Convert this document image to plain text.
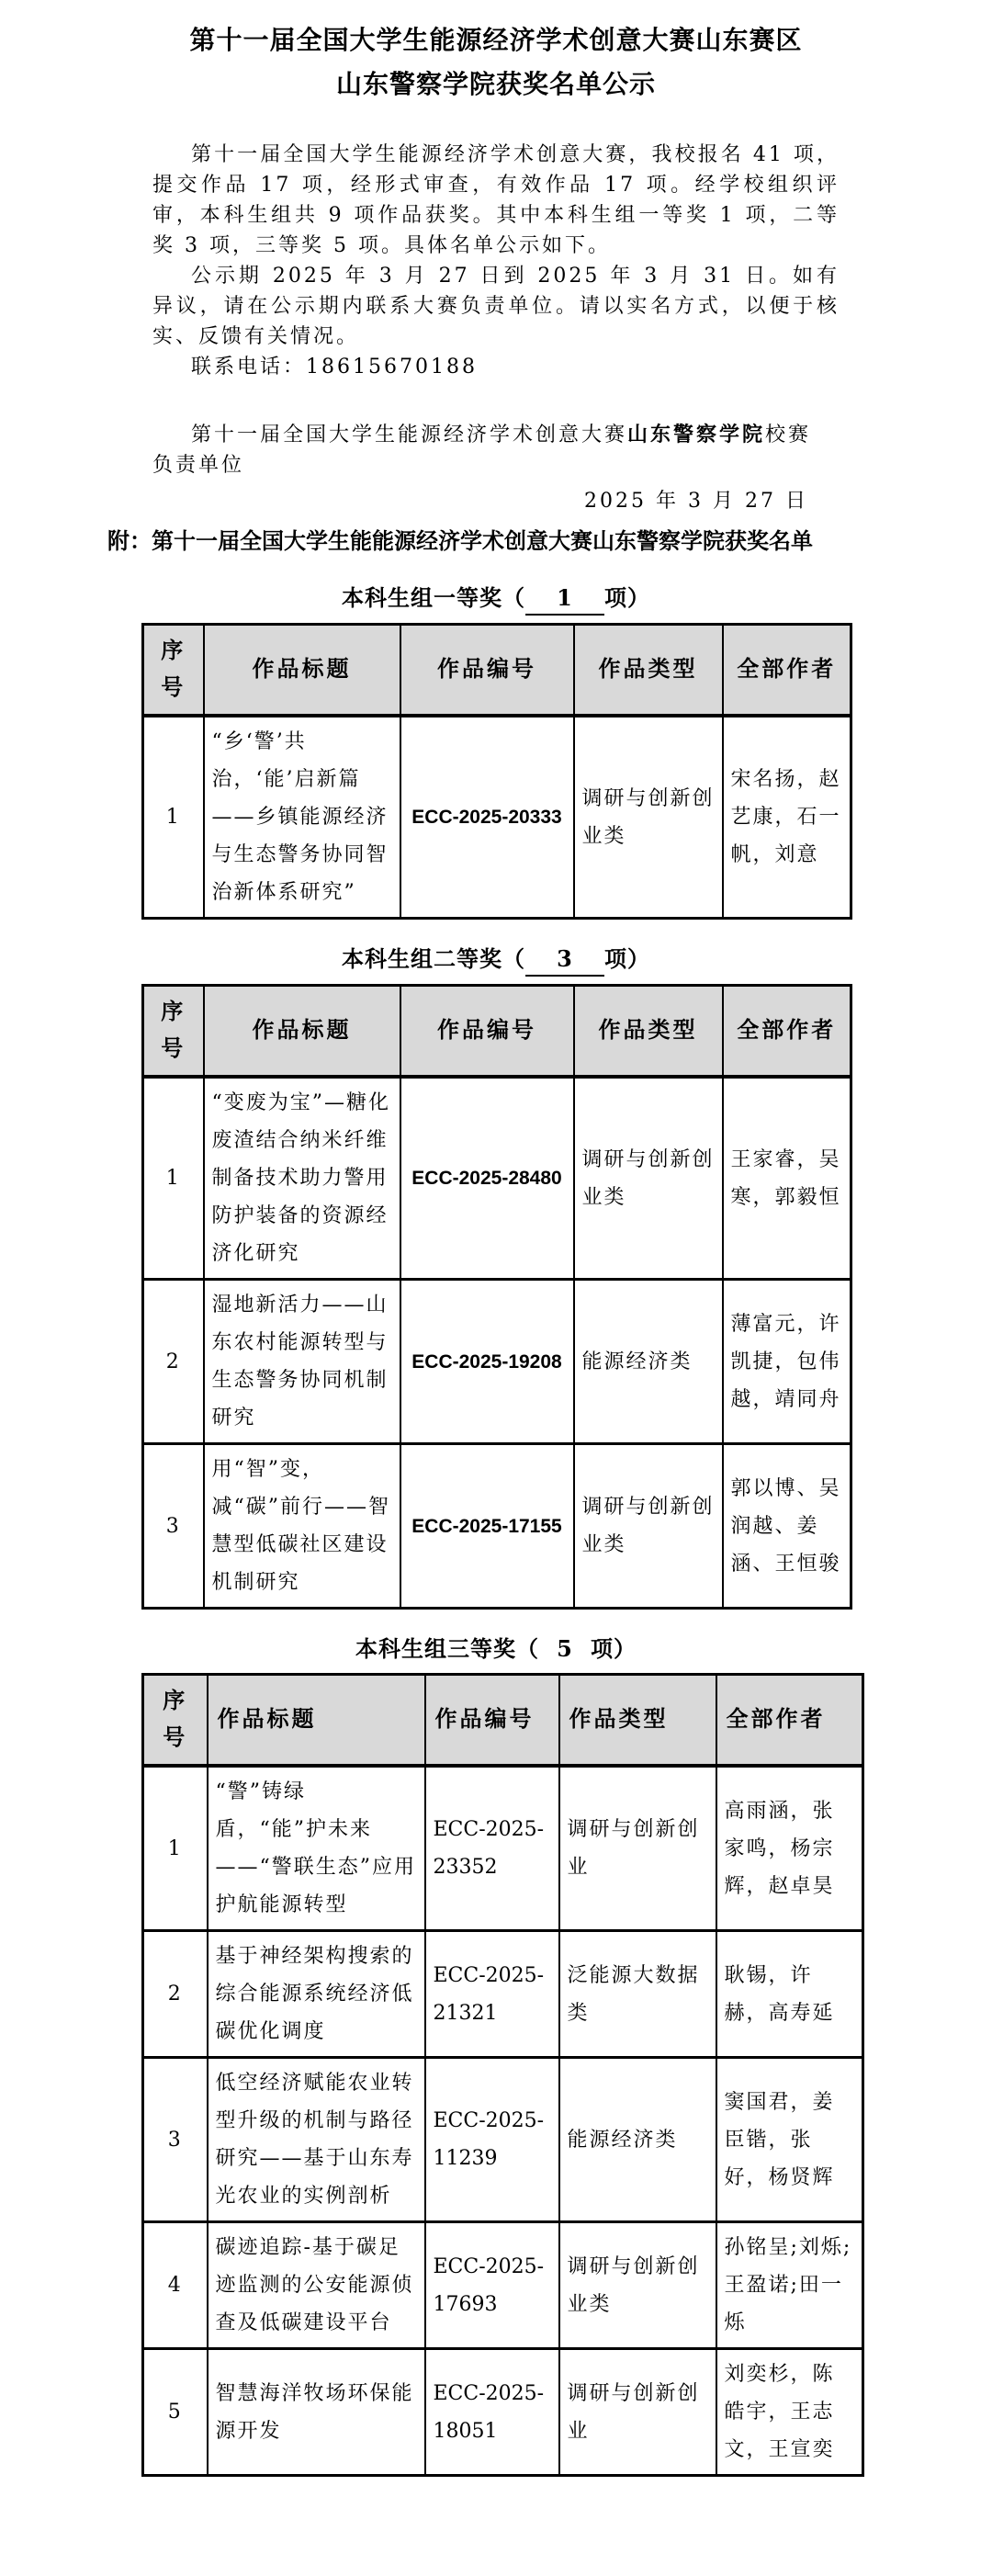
第十一届全国大学生能源经济学术创意大赛山东赛区
山东警察学院获奖名单公示

第十一届全国大学生能源经济学术创意大赛，我校报名 41 项，提交作品 17 项，经形式审查，有效作品 17 项。经学校组织评审，本科生组共 9 项作品获奖。其中本科生组一等奖 1 项，二等奖 3 项，三等奖 5 项。具体名单公示如下。

公示期 2025 年 3 月 27 日到 2025 年 3 月 31 日。如有异议，请在公示期内联系大赛负责单位。请以实名方式，以便于核实、反馈有关情况。

联系电话：18615670188

第十一届全国大学生能源经济学术创意大赛山东警察学院校赛
负责单位

2025 年 3 月 27 日

附：第十一届全国大学生能能源经济学术创意大赛山东警察学院获奖名单

本科生组一等奖（ 1 项）
序
号	作品标题	作品编号	作品类型	全部作者
1	“乡‘警’共治，‘能’启新篇——乡镇能源经济与生态警务协同智治新体系研究”	ECC-2025-20333	调研与创新创业类	宋名扬，赵艺康，石一帆，刘意
本科生组二等奖（ 3 项）
序
号	作品标题	作品编号	作品类型	全部作者
1	“变废为宝”—糖化废渣结合纳米纤维制备技术助力警用防护装备的资源经济化研究	ECC-2025-28480	调研与创新创业类	王家睿，吴寒，郭毅恒
2	湿地新活力——山东农村能源转型与生态警务协同机制研究	ECC-2025-19208	能源经济类	薄富元，许凯捷，包伟越，靖同舟
3	用“智”变，减“碳”前行——智慧型低碳社区建设机制研究	ECC-2025-17155	调研与创新创业类	郭以博、吴润越、姜涵、王恒骏
本科生组三等奖（ 5 项）
序
号	作品标题	作品编号	作品类型	全部作者
1	“警”铸绿盾，“能”护未来——“警联生态”应用护航能源转型	ECC-2025-23352	调研与创新创业	高雨涵，张家鸣，杨宗辉，赵卓昊
2	基于神经架构搜索的综合能源系统经济低碳优化调度	ECC-2025-21321	泛能源大数据类	耿锡，许赫，高寿延
3	低空经济赋能农业转型升级的机制与路径研究——基于山东寿光农业的实例剖析	ECC-2025-11239	能源经济类	窦国君，姜臣锴，张好，杨贤辉
4	碳迹追踪-基于碳足迹监测的公安能源侦查及低碳建设平台	ECC-2025-17693	调研与创新创业类	孙铭呈;刘烁;王盈诺;田一烁
5	智慧海洋牧场环保能源开发	ECC-2025-18051	调研与创新创业	刘奕杉，陈皓宇，王志文，王宣奕
